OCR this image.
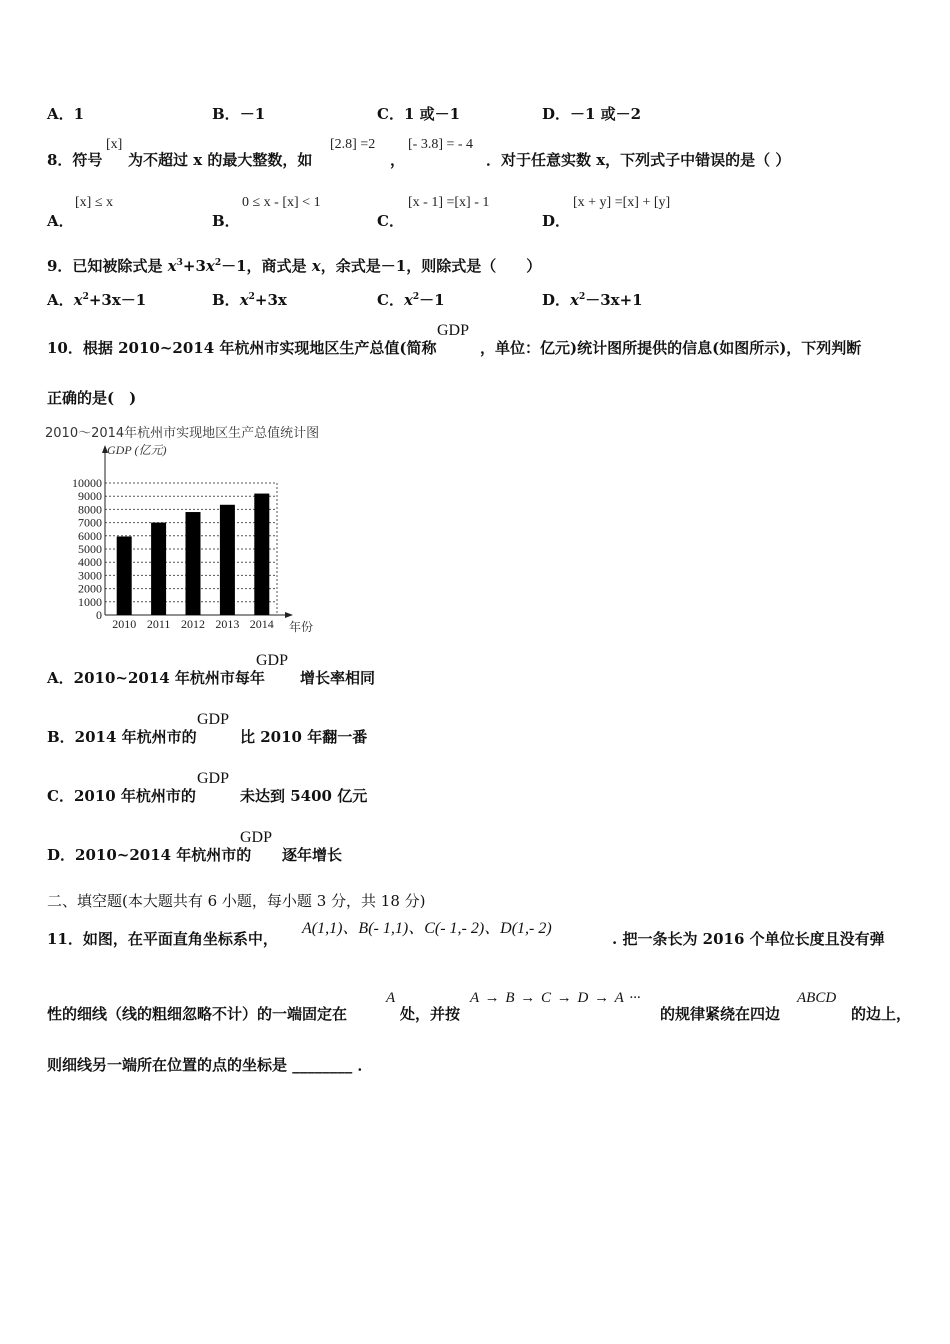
A．1	B．－1	C．1 或－1	D．－1 或－2
8．符号
[x]
为不超过 x 的最大整数，如
[2.8] =2
，
[- 3.8] = - 4
．对于任意实数 x，下列式子中错误的是（ ）
A．
[x] ≤ x
B．
0 ≤ x - [x] < 1
C．
[x - 1] =[x] - 1
D．
[x + y] =[x] + [y]
9．已知被除式是 $x^3+3x^2-1$，商式是 x，余式是－1，则除式是（　　）
A．$x^2+3x-1$	B．$x^2+3x$	C．$x^2-1$	D．$x^2-3x+1$
10．根据 2010~2014 年杭州市实现地区生产总值(简称
GDP
，单位：亿元)统计图所提供的信息(如图所示)，下列判断
正确的是(　)
2010～2014年杭州市实现地区生产总值统计图
GDP (亿元)
0
1000
2000
3000
4000
5000
6000
7000
8000
9000
10000
年份
2010 2011 2012 2013 2014
A．2010~2014 年杭州市每年
GDP
增长率相同
B．2014 年杭州市的
GDP
比 2010 年翻一番
C．2010 年杭州市的
GDP
未达到 5400 亿元
D．2010~2014 年杭州市的
GDP
逐年增长
二、填空题(本大题共有 6 小题，每小题 3 分，共 18 分)
11．如图，在平面直角坐标系中，
A(1,1)、B(- 1,1)、C(- 1,- 2)、D(1,- 2)
. 把一条长为 2016 个单位长度且没有弹
性的细线（线的粗细忽略不计）的一端固定在
A
处，并按
A → B → C → D → A ···
的规律紧绕在四边
ABCD
的边上，
则细线另一端所在位置的点的坐标是 ________ ．
